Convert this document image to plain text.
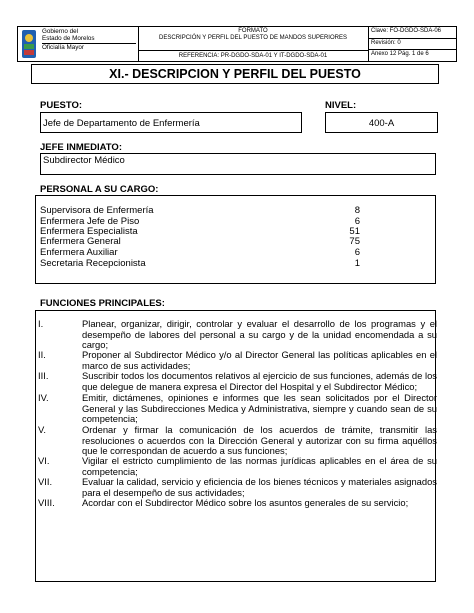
Gobierno del
Estado de Morelos
Oficialía Mayor
FORMATO
DESCRIPCIÓN Y PERFIL DEL PUESTO DE MANDOS SUPERIORES
REFERENCIA: PR-DGDO-SDA-01 Y IT-DGDO-SDA-01
Clave: FO-DGDO-SDA-06
Revisión: 0
Anexo 12 Pág. 1 de 6
XI.- DESCRIPCION Y PERFIL DEL PUESTO
PUESTO:	NIVEL:
Jefe de Departamento de Enfermería	400-A
JEFE INMEDIATO:
Subdirector Médico
PERSONAL A SU CARGO:
Supervisora de Enfermería	8
Enfermera Jefe de Piso	6
Enfermera Especialista	51
Enfermera General	75
Enfermera Auxiliar	6
Secretaria Recepcionista	1
FUNCIONES PRINCIPALES:
I.	Planear, organizar, dirigir, controlar y evaluar el desarrollo de los programas y el desempeño de labores del personal a su cargo y de la unidad encomendada a su cargo;
II.	Proponer al Subdirector Médico y/o al Director General las políticas aplicables en el marco de sus actividades;
III.	Suscribir todos los documentos relativos al ejercicio de sus funciones, además de los que delegue de manera expresa el Director del Hospital y el Subdirector Médico;
IV.	Emitir, dictámenes, opiniones e informes que les sean solicitados por el Director General y las Subdirecciones Medica y Administrativa, siempre y cuando sean de su competencia;
V.	Ordenar y firmar la comunicación de los acuerdos de trámite, transmitir las resoluciones o acuerdos con la Dirección General y autorizar con su firma aquéllos que le correspondan de acuerdo a sus funciones;
VI.	Vigilar el estricto cumplimiento de las normas jurídicas aplicables en el área de su competencia;
VII.	Evaluar la calidad, servicio y eficiencia de los bienes técnicos y materiales asignados para el desempeño de sus actividades;
VIII.	Acordar con el Subdirector Médico sobre los asuntos generales de su servicio;
